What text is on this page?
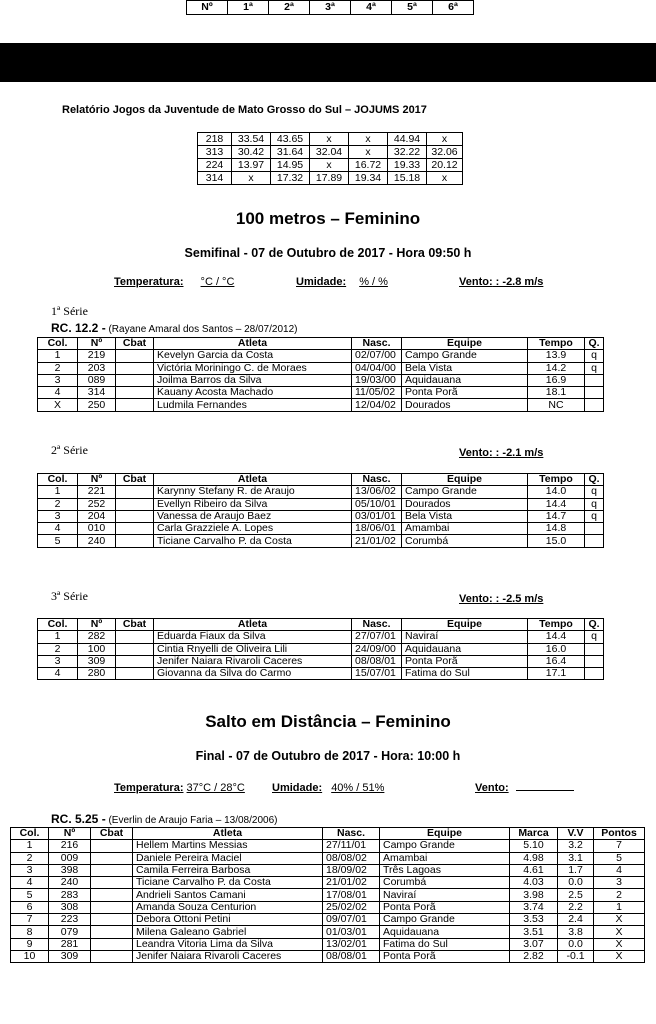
Nº	1ª	2ª	3ª	4ª	5ª	6ª
Relatório Jogos da Juventude de Mato Grosso do Sul – JOJUMS 2017
218	33.54	43.65	x	x	44.94	x
313	30.42	31.64	32.04	x	32.22	32.06
224	13.97	14.95	x	16.72	19.33	20.12
314	x	17.32	17.89	19.34	15.18	x
100 metros – Feminino
Semifinal - 07 de Outubro de 2017 - Hora 09:50 h
Temperatura: °C / °C	Umidade: % / %	Vento: : -2.8 m/s
1ª Série
RC. 12.2 - (Rayane Amaral dos Santos – 28/07/2012)
Col.	Nº	Cbat	Atleta	Nasc.	Equipe	Tempo	Q.
1	219		Kevelyn Garcia da Costa	02/07/00	Campo Grande	13.9	q
2	203		Victória Moriningo C. de Moraes	04/04/00	Bela Vista	14.2	q
3	089		Joilma Barros da Silva	19/03/00	Aquidauana	16.9	
4	314		Kauany Acosta Machado	11/05/02	Ponta Porã	18.1	
X	250		Ludmila Fernandes	12/04/02	Dourados	NC	
2ª Série	Vento: : -2.1 m/s
Col.	Nº	Cbat	Atleta	Nasc.	Equipe	Tempo	Q.
1	221		Karynny Stefany R. de Araujo	13/06/02	Campo Grande	14.0	q
2	252		Evellyn Ribeiro da Silva	05/10/01	Dourados	14.4	q
3	204		Vanessa de Araujo Baez	03/01/01	Bela Vista	14.7	q
4	010		Carla Grazziele A. Lopes	18/06/01	Amambai	14.8	
5	240		Ticiane Carvalho P. da Costa	21/01/02	Corumbá	15.0	
3ª Série	Vento: : -2.5 m/s
Col.	Nº	Cbat	Atleta	Nasc.	Equipe	Tempo	Q.
1	282		Eduarda Fiaux da Silva	27/07/01	Naviraí	14.4	q
2	100		Cintia Rnyelli de Oliveira Lili	24/09/00	Aquidauana	16.0	
3	309		Jenifer Naiara Rivaroli Caceres	08/08/01	Ponta Porã	16.4	
4	280		Giovanna da Silva do Carmo	15/07/01	Fatima do Sul	17.1	
Salto em Distância – Feminino
Final - 07 de Outubro de 2017 - Hora: 10:00 h
Temperatura: 37°C / 28°C Umidade: 40% / 51%	Vento:
RC. 5.25 - (Everlin de Araujo Faria – 13/08/2006)
Col.	Nº	Cbat	Atleta	Nasc.	Equipe	Marca	V.V	Pontos
1	216		Hellem Martins Messias	27/11/01	Campo Grande	5.10	3.2	7
2	009		Daniele Pereira Maciel	08/08/02	Amambai	4.98	3.1	5
3	398		Camila Ferreira Barbosa	18/09/02	Três Lagoas	4.61	1.7	4
4	240		Ticiane Carvalho P. da Costa	21/01/02	Corumbá	4.03	0.0	3
5	283		Andrieli Santos Camani	17/08/01	Naviraí	3.98	2.5	2
6	308		Amanda Souza Centurion	25/02/02	Ponta Porã	3.74	2.2	1
7	223		Debora Ottoni Petini	09/07/01	Campo Grande	3.53	2.4	X
8	079		Milena Galeano Gabriel	01/03/01	Aquidauana	3.51	3.8	X
9	281		Leandra Vitoria Lima da Silva	13/02/01	Fatima do Sul	3.07	0.0	X
10	309		Jenifer Naiara Rivaroli Caceres	08/08/01	Ponta Porã	2.82	-0.1	X
